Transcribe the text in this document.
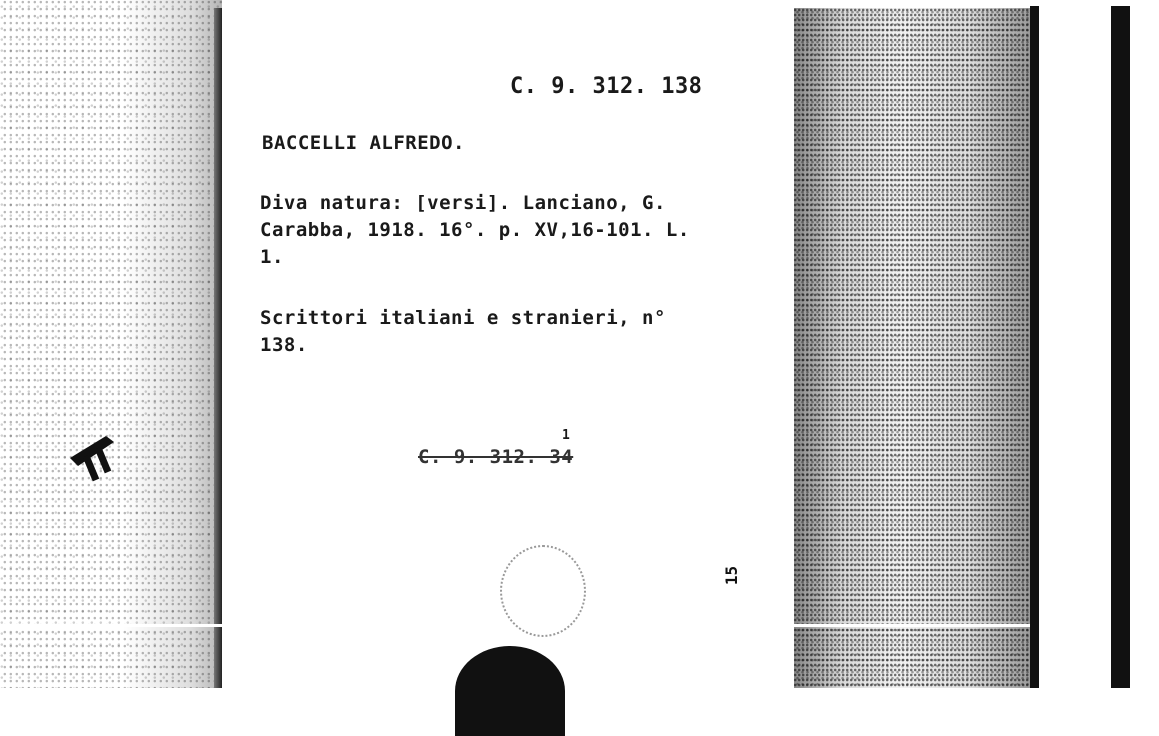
C. 9. 312. 138
BACCELLI ALFREDO.
Diva natura: [versi]. Lanciano, G.
Carabba, 1918. 16°. p. XV,16-101. L.
1.
Scrittori italiani e stranieri, n°
138.
C. 9. 312. 34
1
15
